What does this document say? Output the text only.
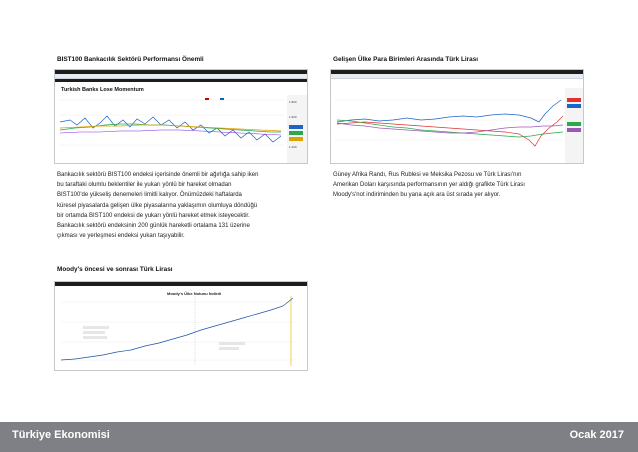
BIST100 Bankacılık Sektörü Performansı Önemli
Turkish Banks Lose Momentum
1.800
1.600
1.200
Bankacılık sektörü BIST100 endeksi içerisinde önemli bir ağırlığa sahip iken
bu taraftaki olumlu beklentiler ile yukarı yönlü bir hareket olmadan
BIST100'de yükseliş denemeleri limitli kalıyor. Önümüzdeki haftalarda
küresel piyasalarda gelişen ülke piyasalarına yaklaşımın olumluya döndüğü
bir ortamda BIST100 endeksi de yukarı yönlü hareket etmek isteyecektir.
Bankacılık sektörü endeksinin 200 günlük hareketli ortalama 131 üzerine
çıkması ve yerleşmesi endeksi yukarı taşıyabilir.
Moody's öncesi ve sonrası Türk Lirası
Moody's Ülke Notunu İndirdi
Gelişen Ülke Para Birimleri Arasında Türk Lirası
Güney Afrika Randı, Rus Rublesi ve Meksika Pezosu ve Türk Lirası'nın
Amerikan Doları karşısında performansının yer aldığı grafikte Türk Lirası
Moody's'not indiriminden bu yana açık ara üst sırada yer alıyor.
Türkiye Ekonomisi	Ocak 2017
